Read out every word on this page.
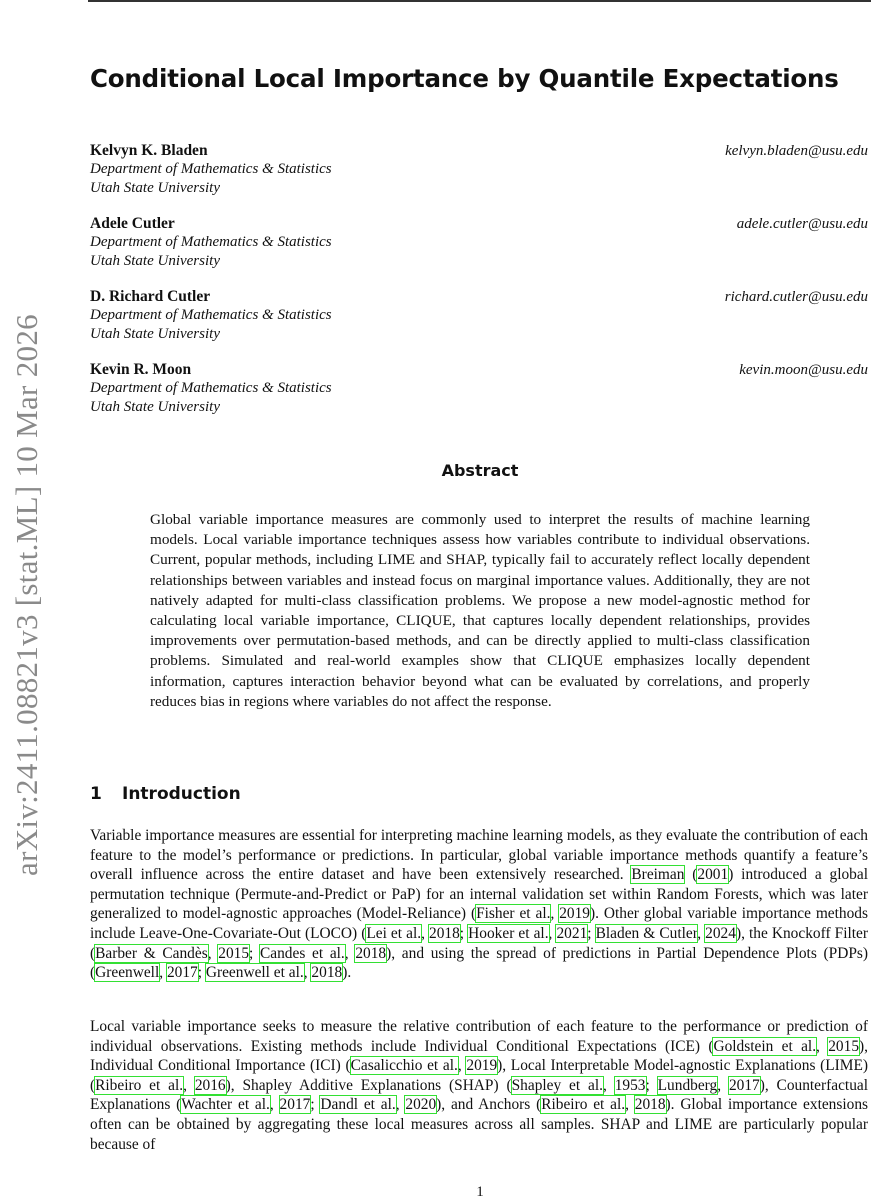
arXiv:2411.08821v3 [stat.ML] 10 Mar 2026
Conditional Local Importance by Quantile Expectations
Kelvyn K. Bladen	kelvyn.bladen@usu.edu
Department of Mathematics & Statistics
Utah State University
Adele Cutler	adele.cutler@usu.edu
Department of Mathematics & Statistics
Utah State University
D. Richard Cutler	richard.cutler@usu.edu
Department of Mathematics & Statistics
Utah State University
Kevin R. Moon	kevin.moon@usu.edu
Department of Mathematics & Statistics
Utah State University
Abstract
Global variable importance measures are commonly used to interpret the results of machine learning models. Local variable importance techniques assess how variables contribute to individual observations. Current, popular methods, including LIME and SHAP, typically fail to accurately reflect locally dependent relationships between variables and instead focus on marginal importance values. Additionally, they are not natively adapted for multi-class classification problems. We propose a new model-agnostic method for calculating local variable importance, CLIQUE, that captures locally dependent relationships, provides improvements over permutation-based methods, and can be directly applied to multi-class classification problems. Simulated and real-world examples show that CLIQUE emphasizes locally dependent information, captures interaction behavior beyond what can be evaluated by correlations, and properly reduces bias in regions where variables do not affect the response.
1 Introduction
Variable importance measures are essential for interpreting machine learning models, as they evaluate the contribution of each feature to the model’s performance or predictions. In particular, global variable importance methods quantify a feature’s overall influence across the entire dataset and have been extensively researched. Breiman (2001) introduced a global permutation technique (Permute-and-Predict or PaP) for an internal validation set within Random Forests, which was later generalized to model-agnostic approaches (Model-Reliance) (Fisher et al., 2019). Other global variable importance methods include Leave-One-Covariate-Out (LOCO) (Lei et al., 2018; Hooker et al., 2021; Bladen & Cutler, 2024), the Knockoff Filter (Barber & Candès, 2015; Candes et al., 2018), and using the spread of predictions in Partial Dependence Plots (PDPs) (Greenwell, 2017; Greenwell et al., 2018).
Local variable importance seeks to measure the relative contribution of each feature to the performance or prediction of individual observations. Existing methods include Individual Conditional Expectations (ICE) (Goldstein et al., 2015), Individual Conditional Importance (ICI) (Casalicchio et al., 2019), Local Interpretable Model-agnostic Explanations (LIME) (Ribeiro et al., 2016), Shapley Additive Explanations (SHAP) (Shapley et al., 1953; Lundberg, 2017), Counterfactual Explanations (Wachter et al., 2017; Dandl et al., 2020), and Anchors (Ribeiro et al., 2018). Global importance extensions often can be obtained by aggregating these local measures across all samples. SHAP and LIME are particularly popular because of
1
